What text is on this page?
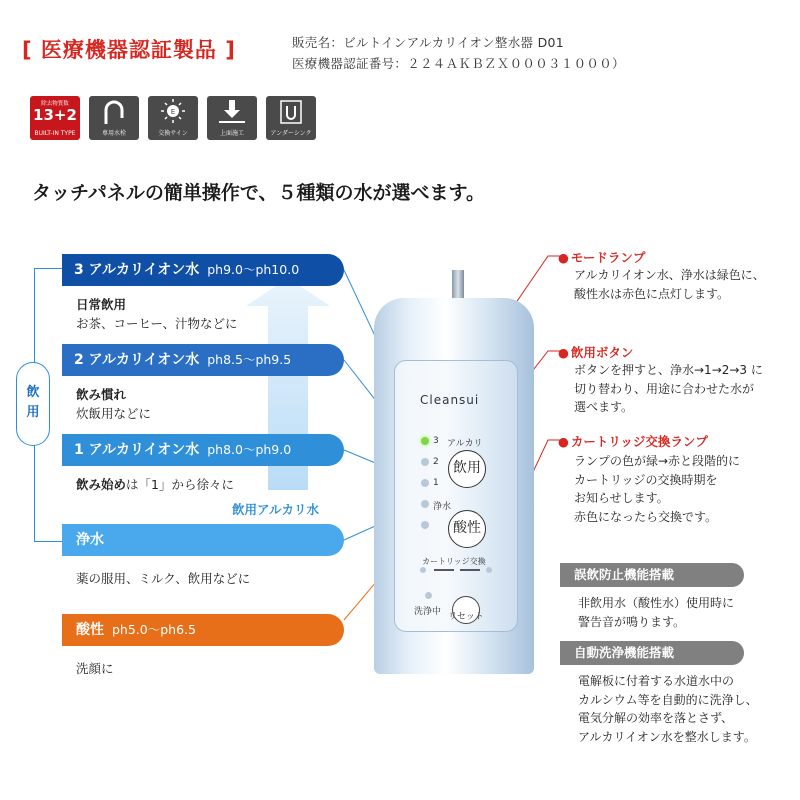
[ 医療機器認証製品 ]	販売名：ビルトインアルカリイオン整水器 D01
医療機器認証番号：２２４ＡＫＢＺＸ０００３１０００）
除去物質数
13+2
BUILT-IN TYPE	専用水栓
E
交換サイン	上面施工	アンダーシンク
タッチパネルの簡単操作で、５種類の水が選べます。
飲
用
3 アルカリイオン水 ph9.0～ph10.0
日常飲用
お茶、コーヒー、汁物などに
2 アルカリイオン水 ph8.5～ph9.5
飲み慣れ
炊飯用などに
1 アルカリイオン水 ph8.0～ph9.0
飲み始めは「1」から徐々に
飲用アルカリ水
浄水
薬の服用、ミルク、飲用などに
酸性 ph5.0～ph6.5
洗顔に
Cleansui
3 アルカリ
2
1
浄水
飲用
酸性
カートリッジ交換
洗浄中 リセット
● モードランプ
アルカリイオン水、浄水は緑色に、
酸性水は赤色に点灯します。
● 飲用ボタン
ボタンを押すと、浄水→1→2→3 に
切り替わり、用途に合わせた水が
選べます。
● カートリッジ交換ランプ
ランプの色が緑→赤と段階的に
カートリッジの交換時期を
お知らせします。
赤色になったら交換です。
誤飲防止機能搭載
非飲用水（酸性水）使用時に
警告音が鳴ります。
自動洗浄機能搭載
電解板に付着する水道水中の
カルシウム等を自動的に洗浄し、
電気分解の効率を落とさず、
アルカリイオン水を整水します。
